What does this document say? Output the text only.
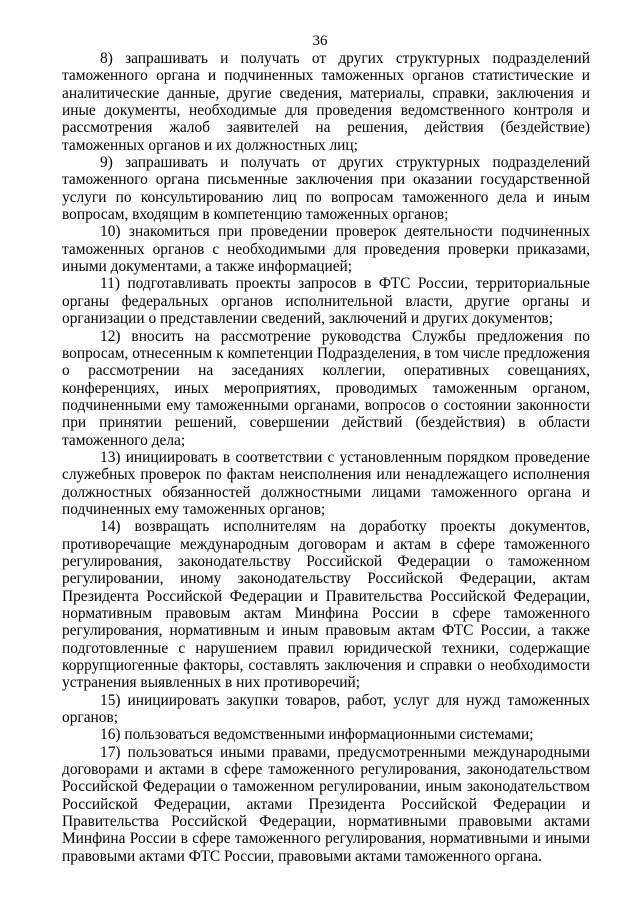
36

8) запрашивать и получать от других структурных подразделений таможенного органа и подчиненных таможенных органов статистические и аналитические данные, другие сведения, материалы, справки, заключения и иные документы, необходимые для проведения ведомственного контроля и рассмотрения жалоб заявителей на решения, действия (бездействие) таможенных органов и их должностных лиц;

9) запрашивать и получать от других структурных подразделений таможенного органа письменные заключения при оказании государственной услуги по консультированию лиц по вопросам таможенного дела и иным вопросам, входящим в компетенцию таможенных органов;

10) знакомиться при проведении проверок деятельности подчиненных таможенных органов с необходимыми для проведения проверки приказами, иными документами, а также информацией;

11) подготавливать проекты запросов в ФТС России, территориальные органы федеральных органов исполнительной власти, другие органы и организации о представлении сведений, заключений и других документов;

12) вносить на рассмотрение руководства Службы предложения по вопросам, отнесенным к компетенции Подразделения, в том числе предложения о рассмотрении на заседаниях коллегии, оперативных совещаниях, конференциях, иных мероприятиях, проводимых таможенным органом, подчиненными ему таможенными органами, вопросов о состоянии законности при принятии решений, совершении действий (бездействия) в области таможенного дела;

13) инициировать в соответствии с установленным порядком проведение служебных проверок по фактам неисполнения или ненадлежащего исполнения должностных обязанностей должностными лицами таможенного органа и подчиненных ему таможенных органов;

14) возвращать исполнителям на доработку проекты документов, противоречащие международным договорам и актам в сфере таможенного регулирования, законодательству Российской Федерации о таможенном регулировании, иному законодательству Российской Федерации, актам Президента Российской Федерации и Правительства Российской Федерации, нормативным правовым актам Минфина России в сфере таможенного регулирования, нормативным и иным правовым актам ФТС России, а также подготовленные с нарушением правил юридической техники, содержащие коррупциогенные факторы, составлять заключения и справки о необходимости устранения выявленных в них противоречий;

15) инициировать закупки товаров, работ, услуг для нужд таможенных органов;

16) пользоваться ведомственными информационными системами;

17) пользоваться иными правами, предусмотренными международными договорами и актами в сфере таможенного регулирования, законодательством Российской Федерации о таможенном регулировании, иным законодательством Российской Федерации, актами Президента Российской Федерации и Правительства Российской Федерации, нормативными правовыми актами Минфина России в сфере таможенного регулирования, нормативными и иными правовыми актами ФТС России, правовыми актами таможенного органа.
